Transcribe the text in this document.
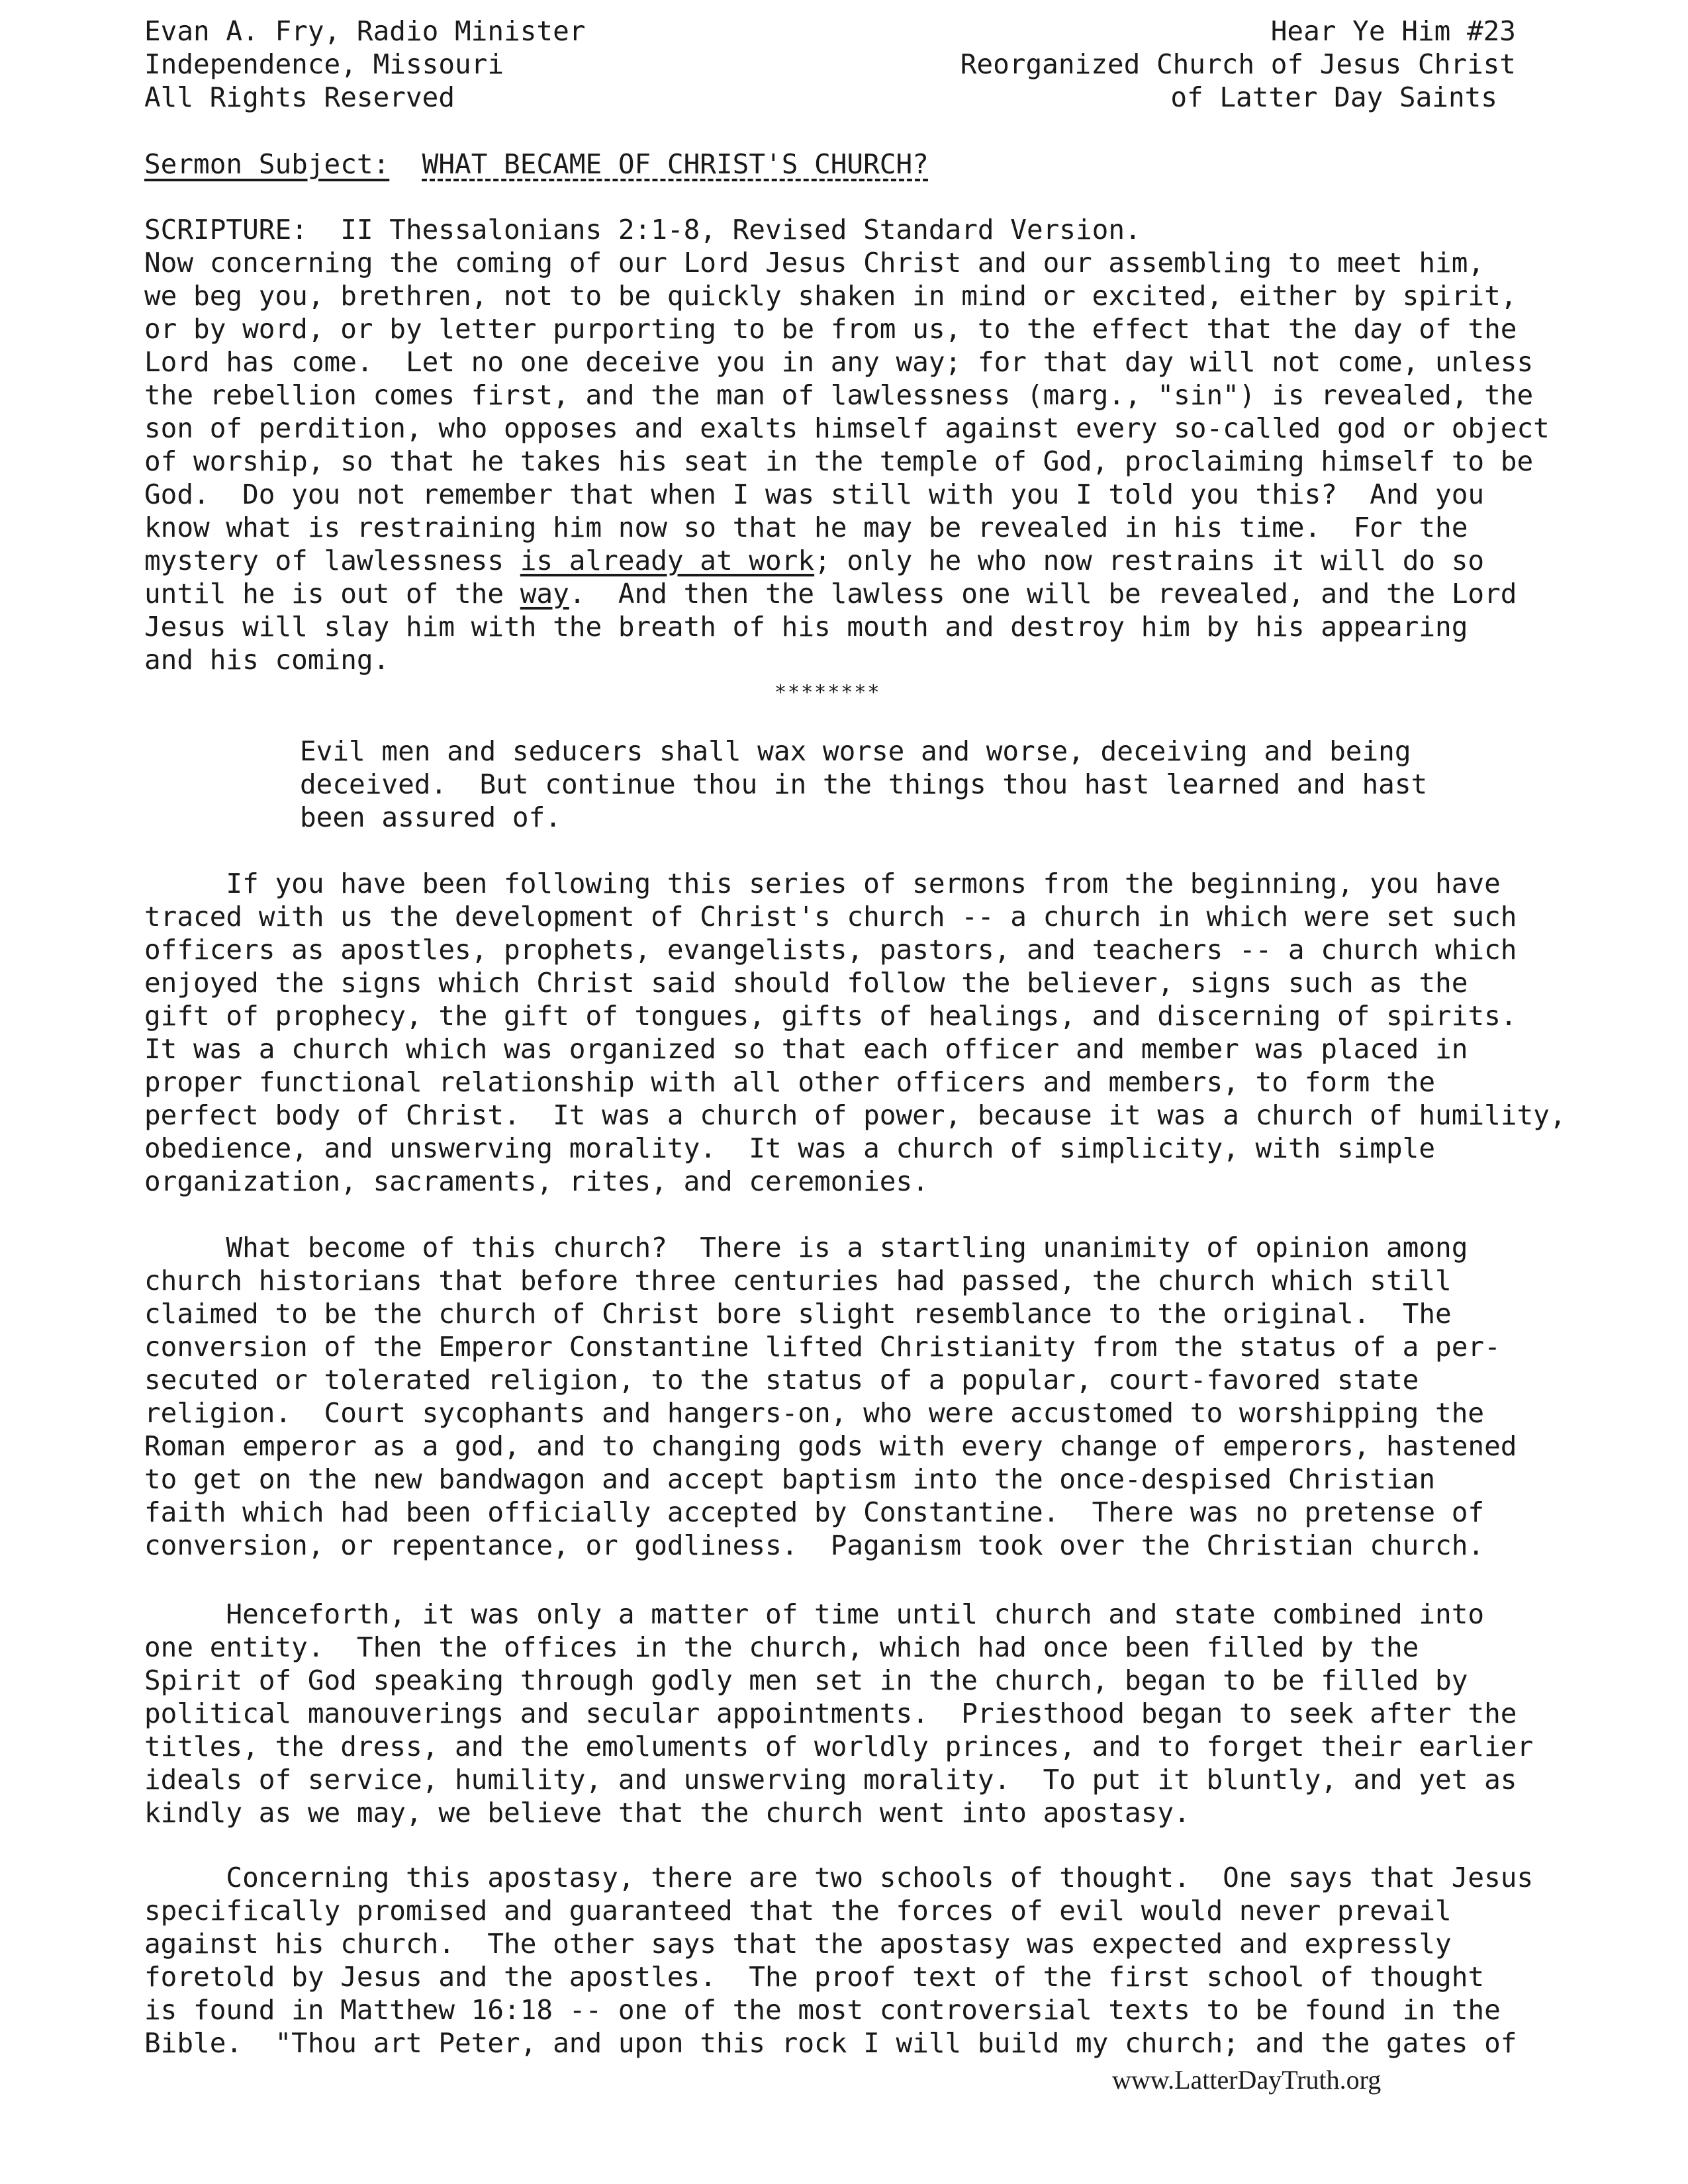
Evan A. Fry, Radio Minister
Independence, Missouri
All Rights Reserved
Hear Ye Him #23
Reorganized Church of Jesus Christ
of Latter Day Saints
Sermon Subject: WHAT BECAME OF CHRIST'S CHURCH?
SCRIPTURE:  II Thessalonians 2:1-8, Revised Standard Version.
Now concerning the coming of our Lord Jesus Christ and our assembling to meet him,
we beg you, brethren, not to be quickly shaken in mind or excited, either by spirit,
or by word, or by letter purporting to be from us, to the effect that the day of the
Lord has come.  Let no one deceive you in any way; for that day will not come, unless
the rebellion comes first, and the man of lawlessness (marg., "sin") is revealed, the
son of perdition, who opposes and exalts himself against every so-called god or object
of worship, so that he takes his seat in the temple of God, proclaiming himself to be
God.  Do you not remember that when I was still with you I told you this?  And you
know what is restraining him now so that he may be revealed in his time.  For the
mystery of lawlessness is already at work; only he who now restrains it will do so
until he is out of the way.  And then the lawless one will be revealed, and the Lord
Jesus will slay him with the breath of his mouth and destroy him by his appearing
and his coming.
********
Evil men and seducers shall wax worse and worse, deceiving and being
deceived.  But continue thou in the things thou hast learned and hast
been assured of.
If you have been following this series of sermons from the beginning, you have
traced with us the development of Christ's church -- a church in which were set such
officers as apostles, prophets, evangelists, pastors, and teachers -- a church which
enjoyed the signs which Christ said should follow the believer, signs such as the
gift of prophecy, the gift of tongues, gifts of healings, and discerning of spirits.
It was a church which was organized so that each officer and member was placed in
proper functional relationship with all other officers and members, to form the
perfect body of Christ.  It was a church of power, because it was a church of humility,
obedience, and unswerving morality.  It was a church of simplicity, with simple
organization, sacraments, rites, and ceremonies.
What become of this church?  There is a startling unanimity of opinion among
church historians that before three centuries had passed, the church which still
claimed to be the church of Christ bore slight resemblance to the original.  The
conversion of the Emperor Constantine lifted Christianity from the status of a per-
secuted or tolerated religion, to the status of a popular, court-favored state
religion.  Court sycophants and hangers-on, who were accustomed to worshipping the
Roman emperor as a god, and to changing gods with every change of emperors, hastened
to get on the new bandwagon and accept baptism into the once-despised Christian
faith which had been officially accepted by Constantine.  There was no pretense of
conversion, or repentance, or godliness.  Paganism took over the Christian church.
Henceforth, it was only a matter of time until church and state combined into
one entity.  Then the offices in the church, which had once been filled by the
Spirit of God speaking through godly men set in the church, began to be filled by
political manouverings and secular appointments.  Priesthood began to seek after the
titles, the dress, and the emoluments of worldly princes, and to forget their earlier
ideals of service, humility, and unswerving morality.  To put it bluntly, and yet as
kindly as we may, we believe that the church went into apostasy.
Concerning this apostasy, there are two schools of thought.  One says that Jesus
specifically promised and guaranteed that the forces of evil would never prevail
against his church.  The other says that the apostasy was expected and expressly
foretold by Jesus and the apostles.  The proof text of the first school of thought
is found in Matthew 16:18 -- one of the most controversial texts to be found in the
Bible.  "Thou art Peter, and upon this rock I will build my church; and the gates of
www.LatterDayTruth.org
